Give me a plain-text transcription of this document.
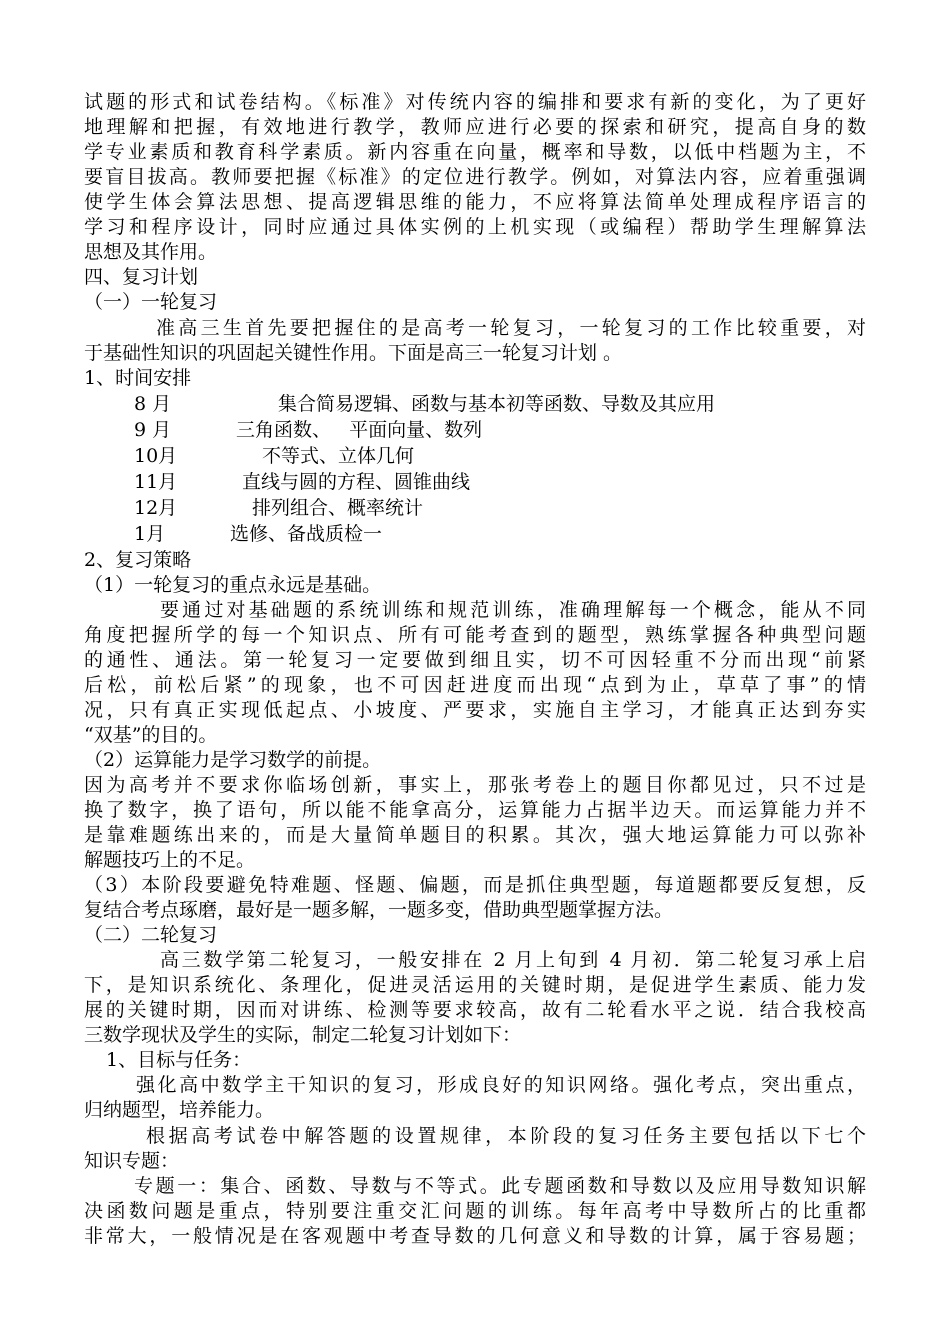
试题的形式和试卷结构。《标准》对传统内容的编排和要求有新的变化，为了更好
地理解和把握，有效地进行教学，教师应进行必要的探索和研究，提高自身的数
学专业素质和教育科学素质。新内容重在向量，概率和导数，以低中档题为主，不
要盲目拔高。教师要把握《标准》的定位进行教学。例如，对算法内容，应着重强调
使学生体会算法思想、提高逻辑思维的能力，不应将算法简单处理成程序语言的
学习和程序设计，同时应通过具体实例的上机实现（或编程）帮助学生理解算法
思想及其作用。
四、复习计划
（一）一轮复习
准高三生首先要把握住的是高考一轮复习，一轮复习的工作比较重要，对
于基础性知识的巩固起关键性作用。下面是高三一轮复习计划 。
1、时间安排
8 月	集合简易逻辑、函数与基本初等函数、导数及其应用
9 月	三角函数、   平面向量、数列
10月	不等式、立体几何
11月	直线与圆的方程、圆锥曲线
12月	排列组合、概率统计
1月	选修、备战质检一
2、复习策略
（1）一轮复习的重点永远是基础。
要通过对基础题的系统训练和规范训练，准确理解每一个概念，能从不同
角度把握所学的每一个知识点、所有可能考查到的题型，熟练掌握各种典型问题
的通性、通法。第一轮复习一定要做到细且实，切不可因轻重不分而出现“前紧
后松，前松后紧”的现象，也不可因赶进度而出现“点到为止，草草了事”的情
况，只有真正实现低起点、小坡度、严要求，实施自主学习，才能真正达到夯实
“双基”的目的。
（2）运算能力是学习数学的前提。
因为高考并不要求你临场创新，事实上，那张考卷上的题目你都见过，只不过是
换了数字，换了语句，所以能不能拿高分，运算能力占据半边天。而运算能力并不
是靠难题练出来的，而是大量简单题目的积累。其次，强大地运算能力可以弥补
解题技巧上的不足。
（3）本阶段要避免特难题、怪题、偏题，而是抓住典型题，每道题都要反复想，反
复结合考点琢磨，最好是一题多解，一题多变，借助典型题掌握方法。
（二）二轮复习
高三数学第二轮复习，一般安排在 2 月上旬到 4 月初．第二轮复习承上启
下，是知识系统化、条理化，促进灵活运用的关键时期，是促进学生素质、能力发
展的关键时期，因而对讲练、检测等要求较高，故有二轮看水平之说．结合我校高
三数学现状及学生的实际，制定二轮复习计划如下：
1、目标与任务：
强化高中数学主干知识的复习，形成良好的知识网络。强化考点，突出重点，
归纳题型，培养能力。
根据高考试卷中解答题的设置规律，本阶段的复习任务主要包括以下七个
知识专题：
专题一：集合、函数、导数与不等式。此专题函数和导数以及应用导数知识解
决函数问题是重点，特别要注重交汇问题的训练。每年高考中导数所占的比重都
非常大，一般情况是在客观题中考查导数的几何意义和导数的计算，属于容易题；
